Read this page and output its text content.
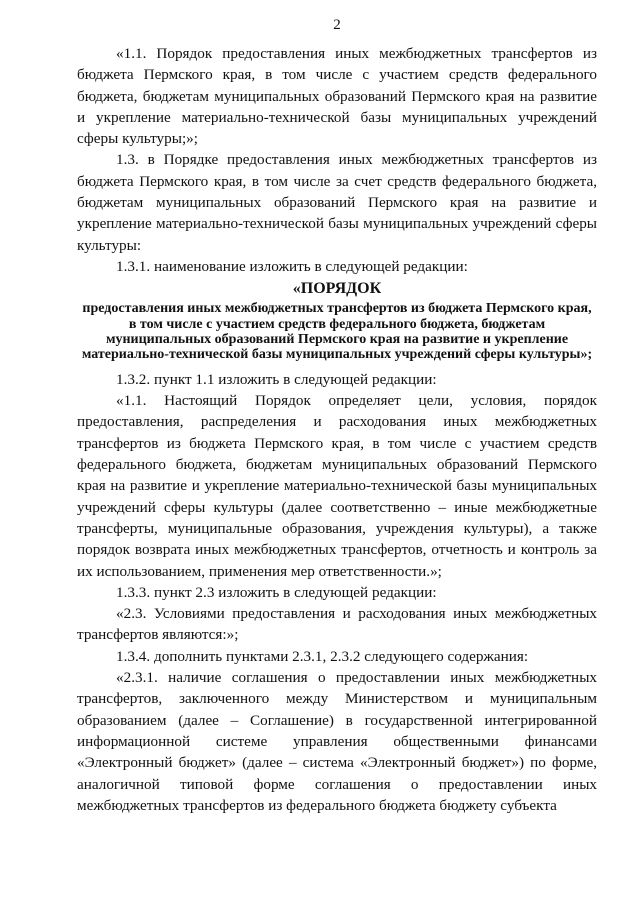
2

«1.1. Порядок предоставления иных межбюджетных трансфертов из бюджета Пермского края, в том числе с участием средств федерального бюджета, бюджетам муниципальных образований Пермского края на развитие и укрепление материально-технической базы муниципальных учреждений сферы культуры;»;

1.3. в Порядке предоставления иных межбюджетных трансфертов из бюджета Пермского края, в том числе за счет средств федерального бюджета, бюджетам муниципальных образований Пермского края на развитие и укрепление материально-технической базы муниципальных учреждений сферы культуры:

1.3.1. наименование изложить в следующей редакции:

«ПОРЯДОК
предоставления иных межбюджетных трансфертов из бюджета Пермского края, в том числе с участием средств федерального бюджета, бюджетам муниципальных образований Пермского края на развитие и укрепление материально-технической базы муниципальных учреждений сферы культуры»;

1.3.2. пункт 1.1 изложить в следующей редакции:

«1.1. Настоящий Порядок определяет цели, условия, порядок предоставления, распределения и расходования иных межбюджетных трансфертов из бюджета Пермского края, в том числе с участием средств федерального бюджета, бюджетам муниципальных образований Пермского края на развитие и укрепление материально-технической базы муниципальных учреждений сферы культуры (далее соответственно – иные межбюджетные трансферты, муниципальные образования, учреждения культуры), а также порядок возврата иных межбюджетных трансфертов, отчетность и контроль за их использованием, применения мер ответственности.»;

1.3.3. пункт 2.3 изложить в следующей редакции:

«2.3. Условиями предоставления и расходования иных межбюджетных трансфертов являются:»;

1.3.4. дополнить пунктами 2.3.1, 2.3.2 следующего содержания:

«2.3.1. наличие соглашения о предоставлении иных межбюджетных трансфертов, заключенного между Министерством и муниципальным образованием (далее – Соглашение) в государственной интегрированной информационной системе управления общественными финансами «Электронный бюджет» (далее – система «Электронный бюджет») по форме, аналогичной типовой форме соглашения о предоставлении иных межбюджетных трансфертов из федерального бюджета бюджету субъекта
